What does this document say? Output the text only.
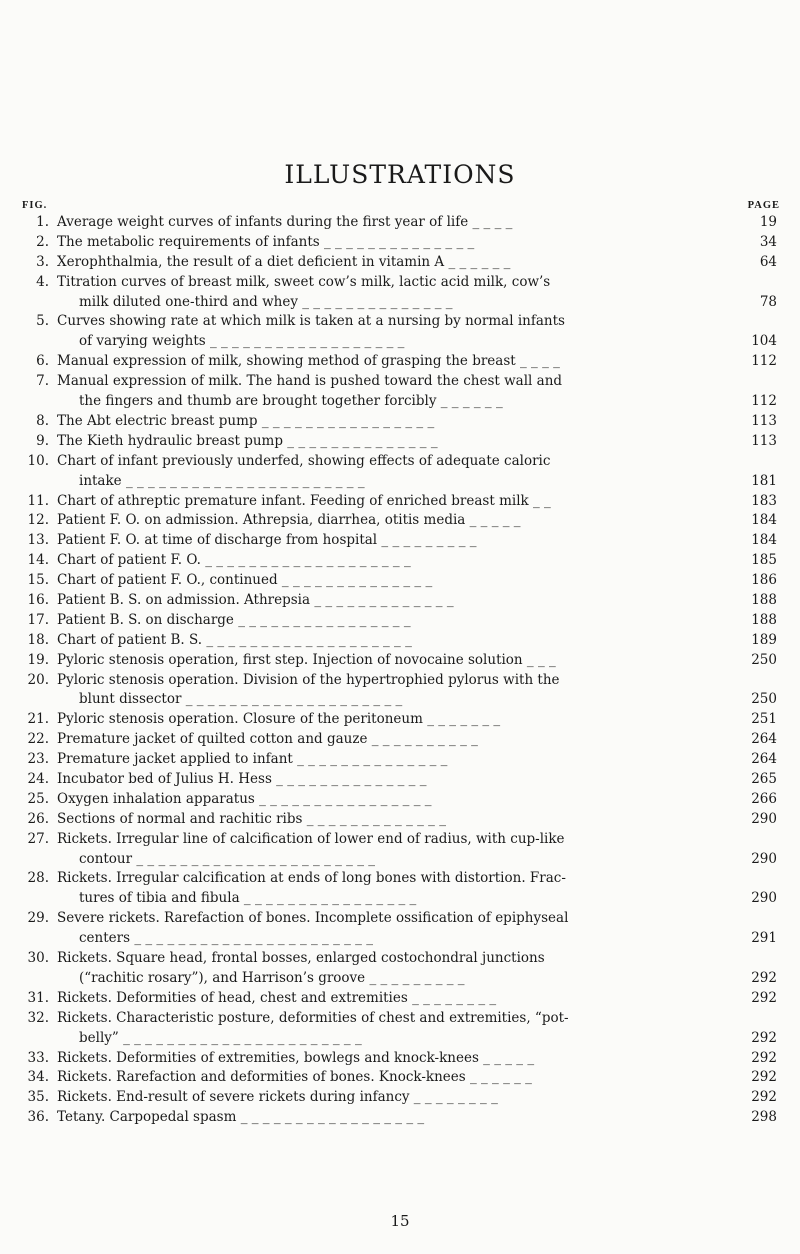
ILLUSTRATIONS
FIG.	PAGE
1. Average weight curves of infants during the first year of life _ _ _ _	19
2. The metabolic requirements of infants _ _ _ _ _ _ _ _ _ _ _ _ _ _	34
3. Xerophthalmia, the result of a diet deficient in vitamin A _ _ _ _ _ _	64
4. Titration curves of breast milk, sweet cow’s milk, lactic acid milk, cow’s
milk diluted one-third and whey _ _ _ _ _ _ _ _ _ _ _ _ _ _	78
5. Curves showing rate at which milk is taken at a nursing by normal infants
of varying weights _ _ _ _ _ _ _ _ _ _ _ _ _ _ _ _ _ _	104
6. Manual expression of milk, showing method of grasping the breast _ _ _ _	112
7. Manual expression of milk. The hand is pushed toward the chest wall and
the fingers and thumb are brought together forcibly _ _ _ _ _ _	112
8. The Abt electric breast pump _ _ _ _ _ _ _ _ _ _ _ _ _ _ _ _	113
9. The Kieth hydraulic breast pump _ _ _ _ _ _ _ _ _ _ _ _ _ _	113
10. Chart of infant previously underfed, showing effects of adequate caloric
intake _ _ _ _ _ _ _ _ _ _ _ _ _ _ _ _ _ _ _ _ _ _	181
11. Chart of athreptic premature infant. Feeding of enriched breast milk _ _	183
12. Patient F. O. on admission. Athrepsia, diarrhea, otitis media _ _ _ _ _	184
13. Patient F. O. at time of discharge from hospital _ _ _ _ _ _ _ _ _	184
14. Chart of patient F. O. _ _ _ _ _ _ _ _ _ _ _ _ _ _ _ _ _ _ _	185
15. Chart of patient F. O., continued _ _ _ _ _ _ _ _ _ _ _ _ _ _	186
16. Patient B. S. on admission. Athrepsia _ _ _ _ _ _ _ _ _ _ _ _ _	188
17. Patient B. S. on discharge _ _ _ _ _ _ _ _ _ _ _ _ _ _ _ _	188
18. Chart of patient B. S. _ _ _ _ _ _ _ _ _ _ _ _ _ _ _ _ _ _ _	189
19. Pyloric stenosis operation, first step. Injection of novocaine solution _ _ _	250
20. Pyloric stenosis operation. Division of the hypertrophied pylorus with the
blunt dissector _ _ _ _ _ _ _ _ _ _ _ _ _ _ _ _ _ _ _ _	250
21. Pyloric stenosis operation. Closure of the peritoneum _ _ _ _ _ _ _	251
22. Premature jacket of quilted cotton and gauze _ _ _ _ _ _ _ _ _ _	264
23. Premature jacket applied to infant _ _ _ _ _ _ _ _ _ _ _ _ _ _	264
24. Incubator bed of Julius H. Hess _ _ _ _ _ _ _ _ _ _ _ _ _ _	265
25. Oxygen inhalation apparatus _ _ _ _ _ _ _ _ _ _ _ _ _ _ _ _	266
26. Sections of normal and rachitic ribs _ _ _ _ _ _ _ _ _ _ _ _ _	290
27. Rickets. Irregular line of calcification of lower end of radius, with cup-like
contour _ _ _ _ _ _ _ _ _ _ _ _ _ _ _ _ _ _ _ _ _ _	290
28. Rickets. Irregular calcification at ends of long bones with distortion. Frac-
tures of tibia and fibula _ _ _ _ _ _ _ _ _ _ _ _ _ _ _ _	290
29. Severe rickets. Rarefaction of bones. Incomplete ossification of epiphyseal
centers _ _ _ _ _ _ _ _ _ _ _ _ _ _ _ _ _ _ _ _ _ _	291
30. Rickets. Square head, frontal bosses, enlarged costochondral junctions
(“rachitic rosary”), and Harrison’s groove _ _ _ _ _ _ _ _ _	292
31. Rickets. Deformities of head, chest and extremities _ _ _ _ _ _ _ _	292
32. Rickets. Characteristic posture, deformities of chest and extremities, “pot-
belly” _ _ _ _ _ _ _ _ _ _ _ _ _ _ _ _ _ _ _ _ _ _	292
33. Rickets. Deformities of extremities, bowlegs and knock-knees _ _ _ _ _	292
34. Rickets. Rarefaction and deformities of bones. Knock-knees _ _ _ _ _ _	292
35. Rickets. End-result of severe rickets during infancy _ _ _ _ _ _ _ _	292
36. Tetany. Carpopedal spasm _ _ _ _ _ _ _ _ _ _ _ _ _ _ _ _ _	298
15
